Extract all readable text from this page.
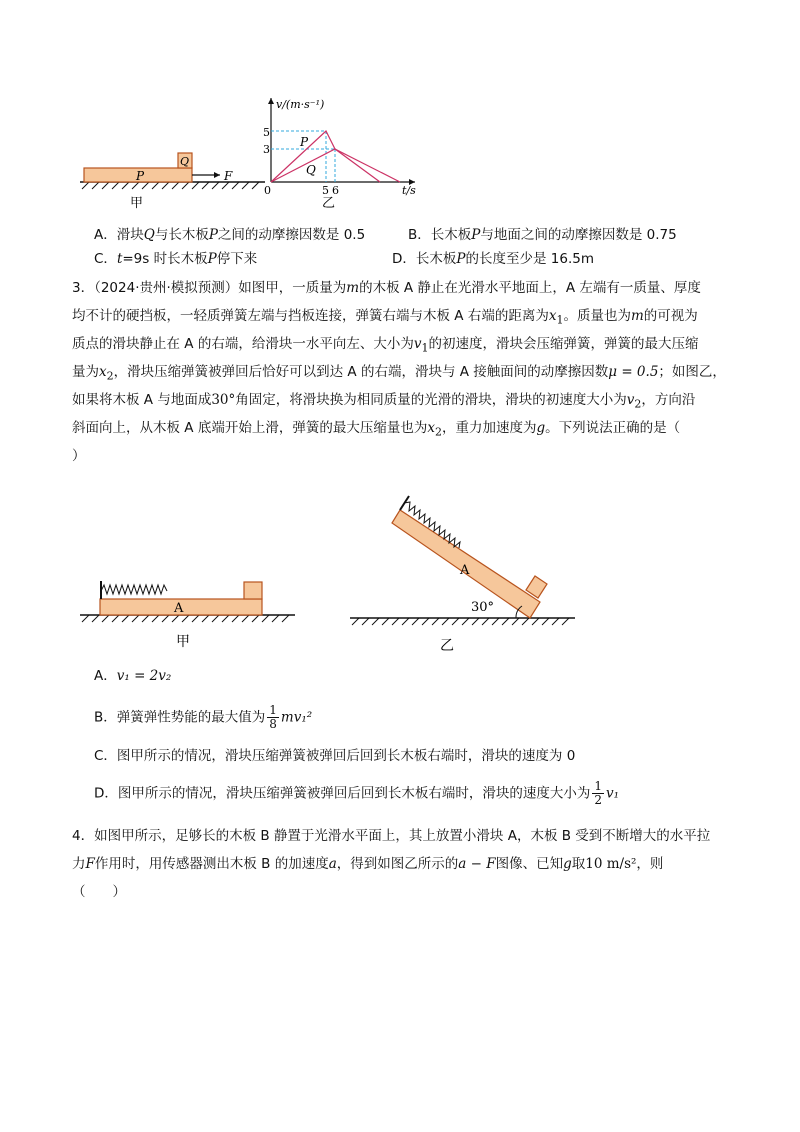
P
Q
F
甲
v/(m·s⁻¹)
t/s
0
5
3
5 6
P
Q
乙
A．滑块Q与长木板P之间的动摩擦因数是 0.5	B．长木板P与地面之间的动摩擦因数是 0.75
C．t=9s 时长木板P停下来	D．长木板P的长度至少是 16.5m
3．（2024·贵州·模拟预测）如图甲，一质量为m的木板 A 静止在光滑水平地面上，A 左端有一质量、厚度
均不计的硬挡板，一轻质弹簧左端与挡板连接，弹簧右端与木板 A 右端的距离为$x_1$。质量也为m的可视为
质点的滑块静止在 A 的右端，给滑块一水平向左、大小为$v_1$的初速度，滑块会压缩弹簧，弹簧的最大压缩
量为$x_2$，滑块压缩弹簧被弹回后恰好可以到达 A 的右端，滑块与 A 接触面间的动摩擦因数μ = 0.5；如图乙，
如果将木板 A 与地面成30°角固定，将滑块换为相同质量的光滑的滑块，滑块的初速度大小为$v_2$，方向沿
斜面向上，从木板 A 底端开始上滑，弹簧的最大压缩量也为$x_2$，重力加速度为g。下列说法正确的是（
）
A
甲
A
30°
乙
A．v₁ = 2v₂
B．弹簧弹性势能的最大值为 $\frac{1}{8} mv_1^2$
C．图甲所示的情况，滑块压缩弹簧被弹回后回到长木板右端时，滑块的速度为 0
D．图甲所示的情况，滑块压缩弹簧被弹回后回到长木板右端时，滑块的速度大小为 $\frac{1}{2} v_1$
4．如图甲所示，足够长的木板 B 静置于光滑水平面上，其上放置小滑块 A，木板 B 受到不断增大的水平拉
力F作用时，用传感器测出木板 B 的加速度a，得到如图乙所示的a − F图像、已知g取10 m/s²，则
（　　）
